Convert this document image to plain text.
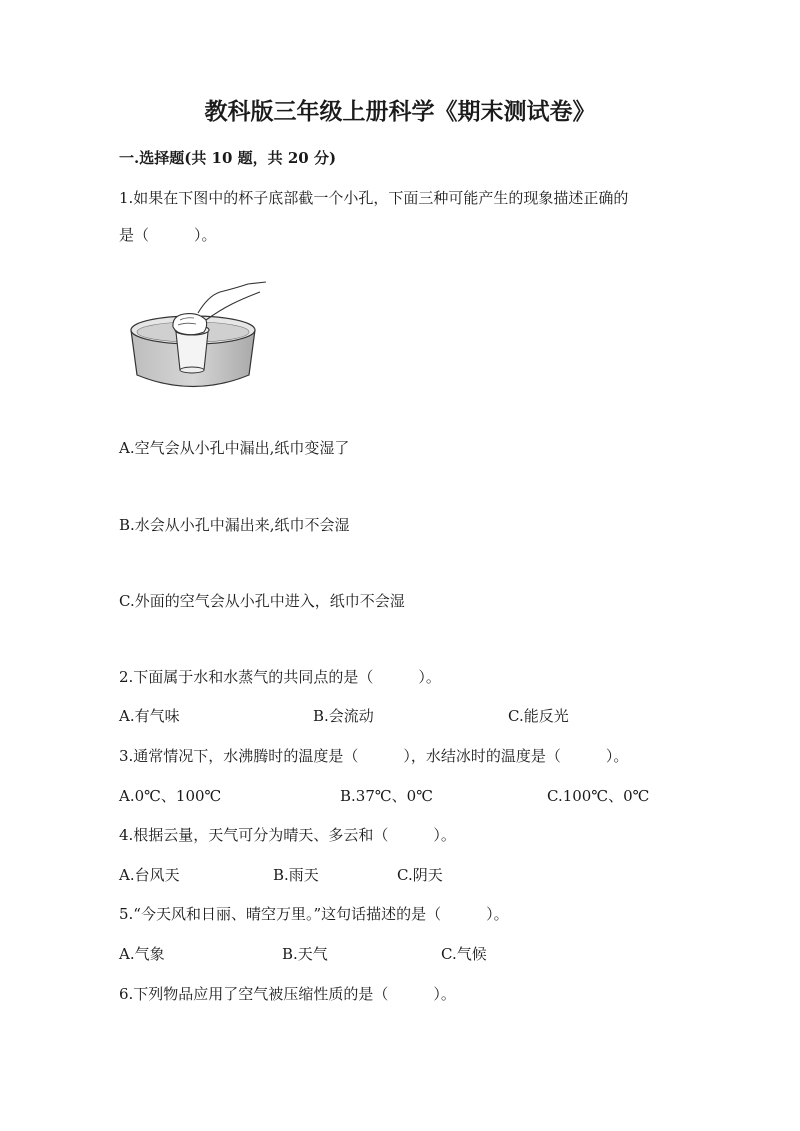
教科版三年级上册科学《期末测试卷》
一.选择题(共 10 题，共 20 分)
1.如果在下图中的杯子底部截一个小孔，下面三种可能产生的现象描述正确的
是（　　　）。
A.空气会从小孔中漏出,纸巾变湿了
B.水会从小孔中漏出来,纸巾不会湿
C.外面的空气会从小孔中进入，纸巾不会湿
2.下面属于水和水蒸气的共同点的是（　　　）。
A.有气味	B.会流动	C.能反光
3.通常情况下，水沸腾时的温度是（　　　），水结冰时的温度是（　　　）。
A.0℃、100℃	B.37℃、0℃	C.100℃、0℃
4.根据云量，天气可分为晴天、多云和（　　　）。
A.台风天	B.雨天	C.阴天
5.“今天风和日丽、晴空万里。”这句话描述的是（　　　）。
A.气象	B.天气	C.气候
6.下列物品应用了空气被压缩性质的是（　　　）。
